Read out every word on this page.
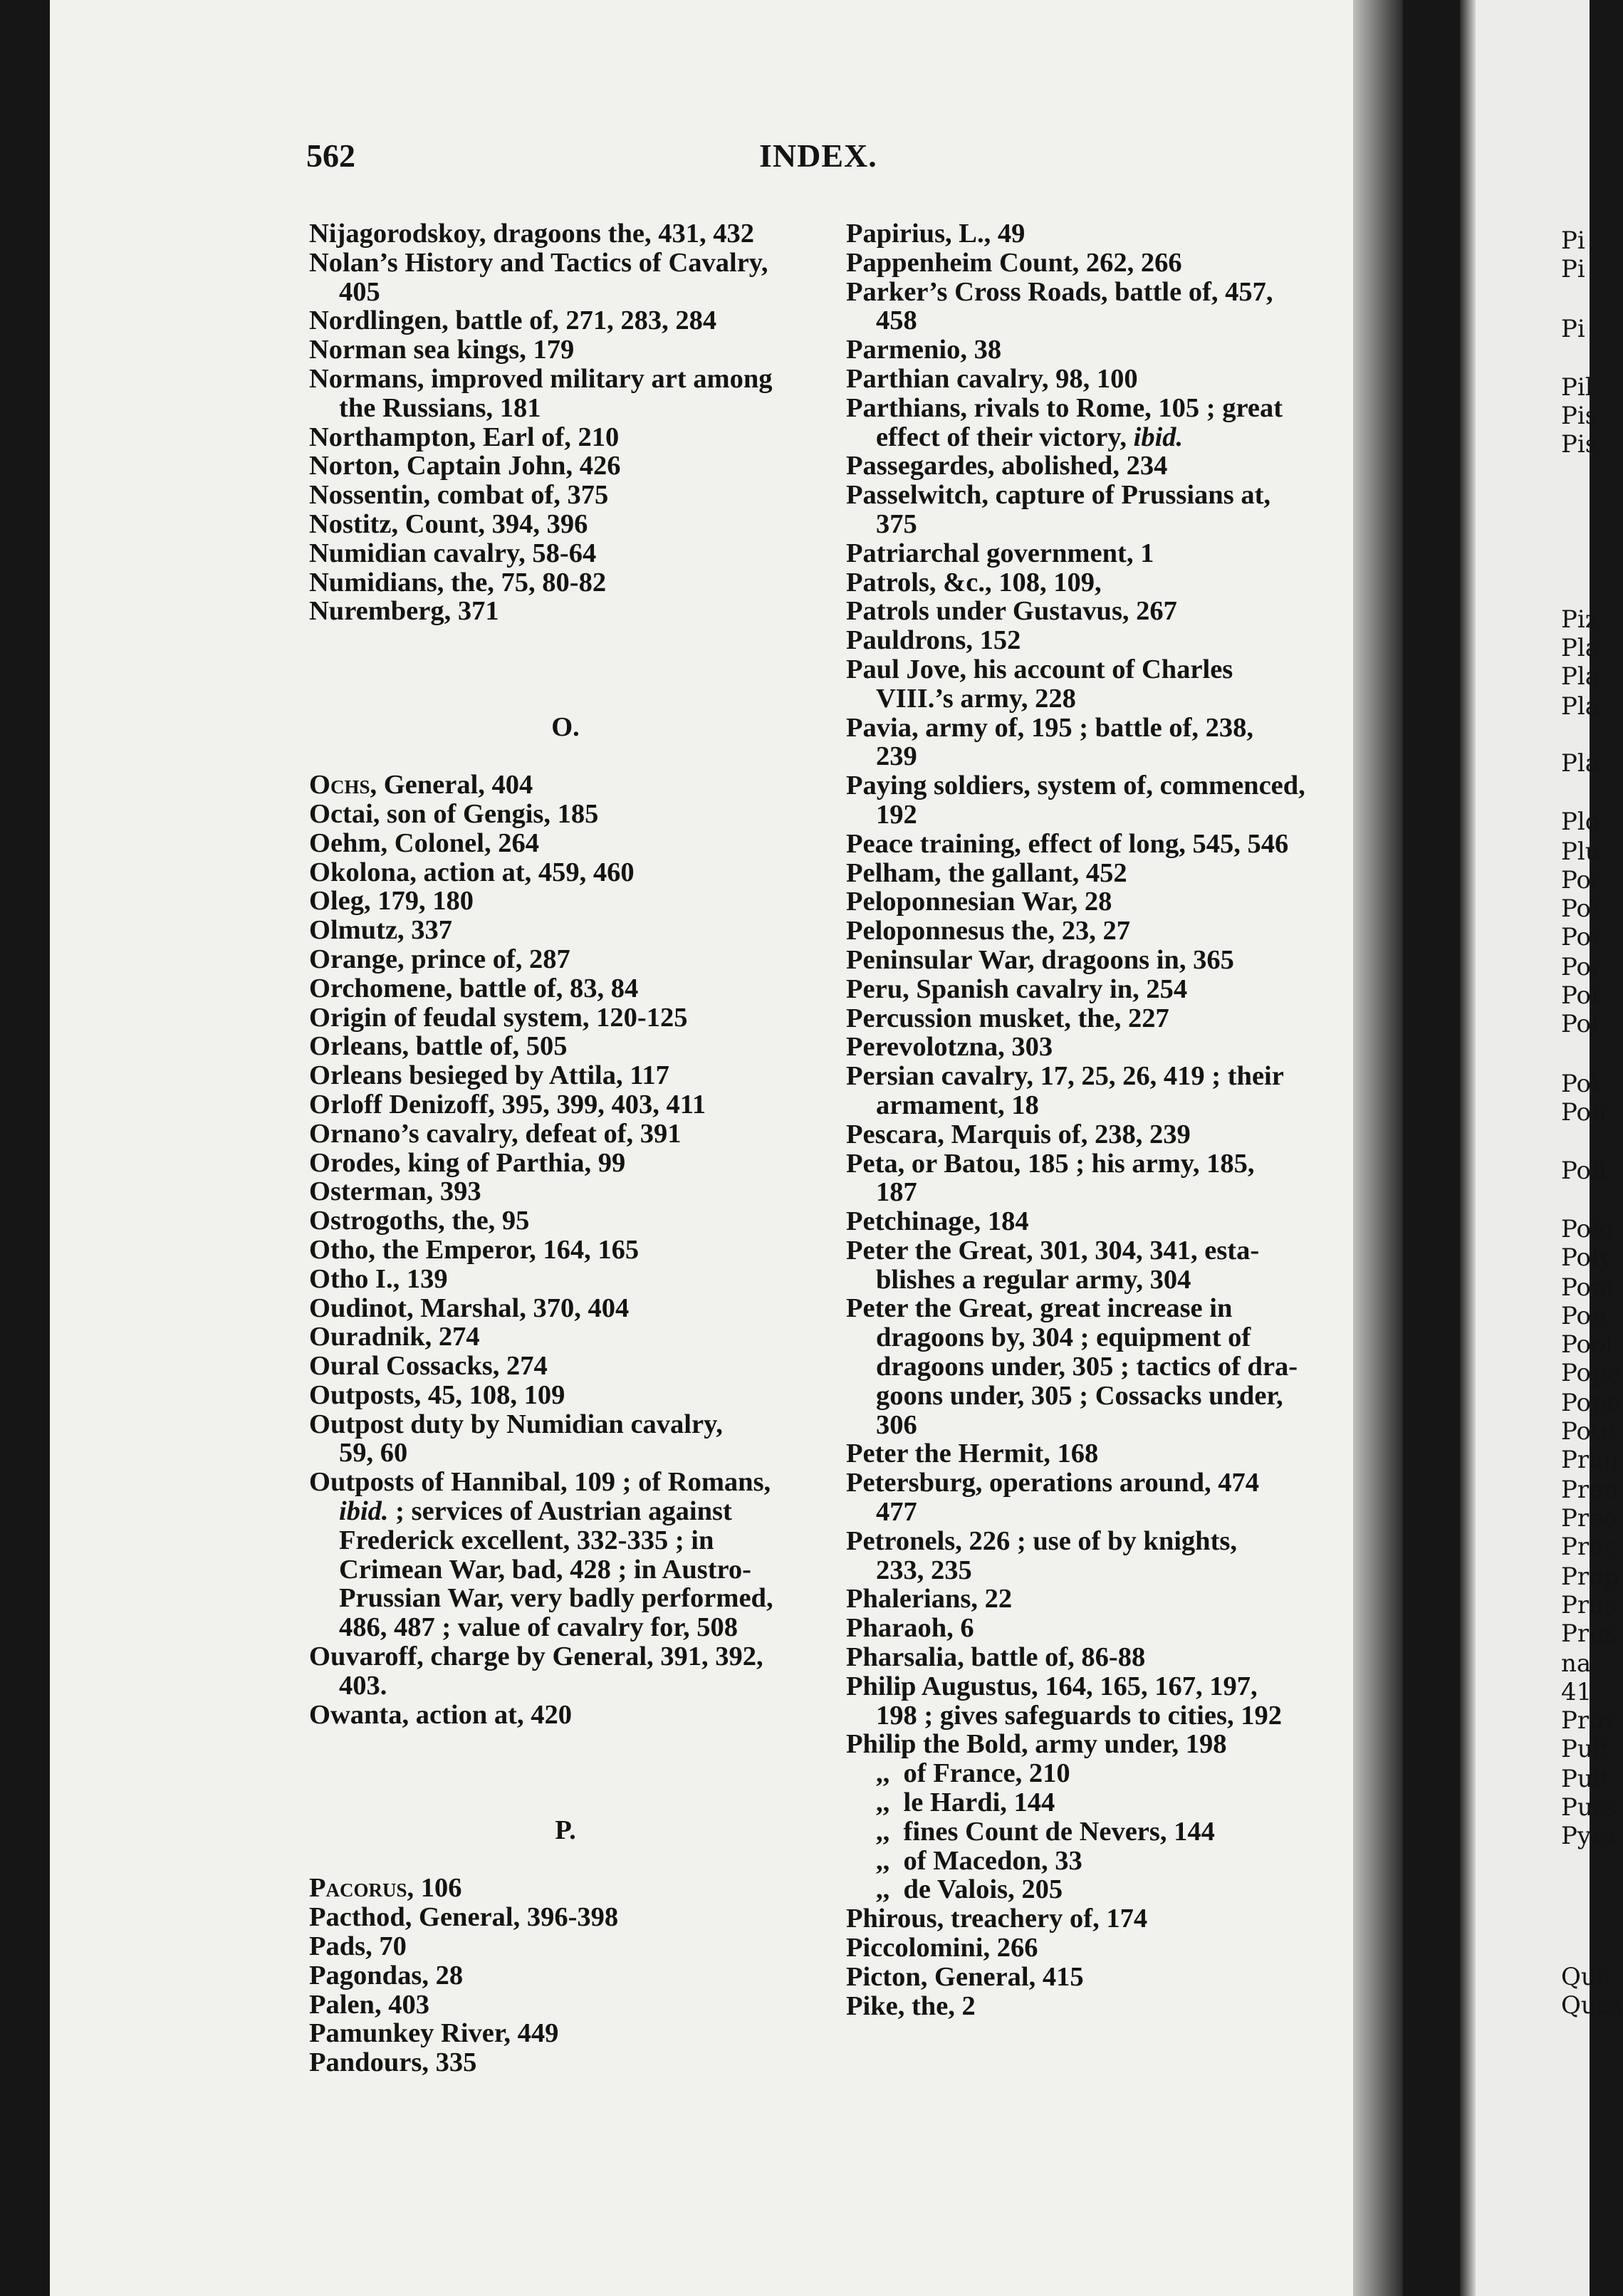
Pi
Pi
Pi
Pil
Pis
Pis
Piz
Pla
Pla
Pla
Pla
Plo
Plu
Poc
Poi
Poi
Poi
Poi
Pol
Pol
Poli
Poli
Polo
Poly
Pom
Pon
Pool
Pope
Pope
Pote
Prag
Pren
Preo
Proc
Prop
Prus
Prus
na
41
Prov
Pult
Pult
Purs
Pyra
Qua
Ques
562	INDEX.
Nijagorodskoy, dragoons the, 431, 432
Nolan’s History and Tactics of Cavalry,
405
Nordlingen, battle of, 271, 283, 284
Norman sea kings, 179
Normans, improved military art among
the Russians, 181
Northampton, Earl of, 210
Norton, Captain John, 426
Nossentin, combat of, 375
Nostitz, Count, 394, 396
Numidian cavalry, 58-64
Numidians, the, 75, 80-82
Nuremberg, 371
O.
Ochs, General, 404
Octai, son of Gengis, 185
Oehm, Colonel, 264
Okolona, action at, 459, 460
Oleg, 179, 180
Olmutz, 337
Orange, prince of, 287
Orchomene, battle of, 83, 84
Origin of feudal system, 120-125
Orleans, battle of, 505
Orleans besieged by Attila, 117
Orloff Denizoff, 395, 399, 403, 411
Ornano’s cavalry, defeat of, 391
Orodes, king of Parthia, 99
Osterman, 393
Ostrogoths, the, 95
Otho, the Emperor, 164, 165
Otho I., 139
Oudinot, Marshal, 370, 404
Ouradnik, 274
Oural Cossacks, 274
Outposts, 45, 108, 109
Outpost duty by Numidian cavalry,
59, 60
Outposts of Hannibal, 109 ; of Romans,
ibid. ; services of Austrian against
Frederick excellent, 332-335 ; in
Crimean War, bad, 428 ; in Austro-
Prussian War, very badly performed,
486, 487 ; value of cavalry for, 508
Ouvaroff, charge by General, 391, 392,
403.
Owanta, action at, 420
P.
Pacorus, 106
Pacthod, General, 396-398
Pads, 70
Pagondas, 28
Palen, 403
Pamunkey River, 449
Pandours, 335
Papirius, L., 49
Pappenheim Count, 262, 266
Parker’s Cross Roads, battle of, 457,
458
Parmenio, 38
Parthian cavalry, 98, 100
Parthians, rivals to Rome, 105 ; great
effect of their victory, ibid.
Passegardes, abolished, 234
Passelwitch, capture of Prussians at,
375
Patriarchal government, 1
Patrols, &c., 108, 109,
Patrols under Gustavus, 267
Pauldrons, 152
Paul Jove, his account of Charles
VIII.’s army, 228
Pavia, army of, 195 ; battle of, 238,
239
Paying soldiers, system of, commenced,
192
Peace training, effect of long, 545, 546
Pelham, the gallant, 452
Peloponnesian War, 28
Peloponnesus the, 23, 27
Peninsular War, dragoons in, 365
Peru, Spanish cavalry in, 254
Percussion musket, the, 227
Perevolotzna, 303
Persian cavalry, 17, 25, 26, 419 ; their
armament, 18
Pescara, Marquis of, 238, 239
Peta, or Batou, 185 ; his army, 185,
187
Petchinage, 184
Peter the Great, 301, 304, 341, esta-
blishes a regular army, 304
Peter the Great, great increase in
dragoons by, 304 ; equipment of
dragoons under, 305 ; tactics of dra-
goons under, 305 ; Cossacks under,
306
Peter the Hermit, 168
Petersburg, operations around, 474
477
Petronels, 226 ; use of by knights,
233, 235
Phalerians, 22
Pharaoh, 6
Pharsalia, battle of, 86-88
Philip Augustus, 164, 165, 167, 197,
198 ; gives safeguards to cities, 192
Philip the Bold, army under, 198
,,  of France, 210
,,  le Hardi, 144
,,  fines Count de Nevers, 144
,,  of Macedon, 33
,,  de Valois, 205
Phirous, treachery of, 174
Piccolomini, 266
Picton, General, 415
Pike, the, 2
